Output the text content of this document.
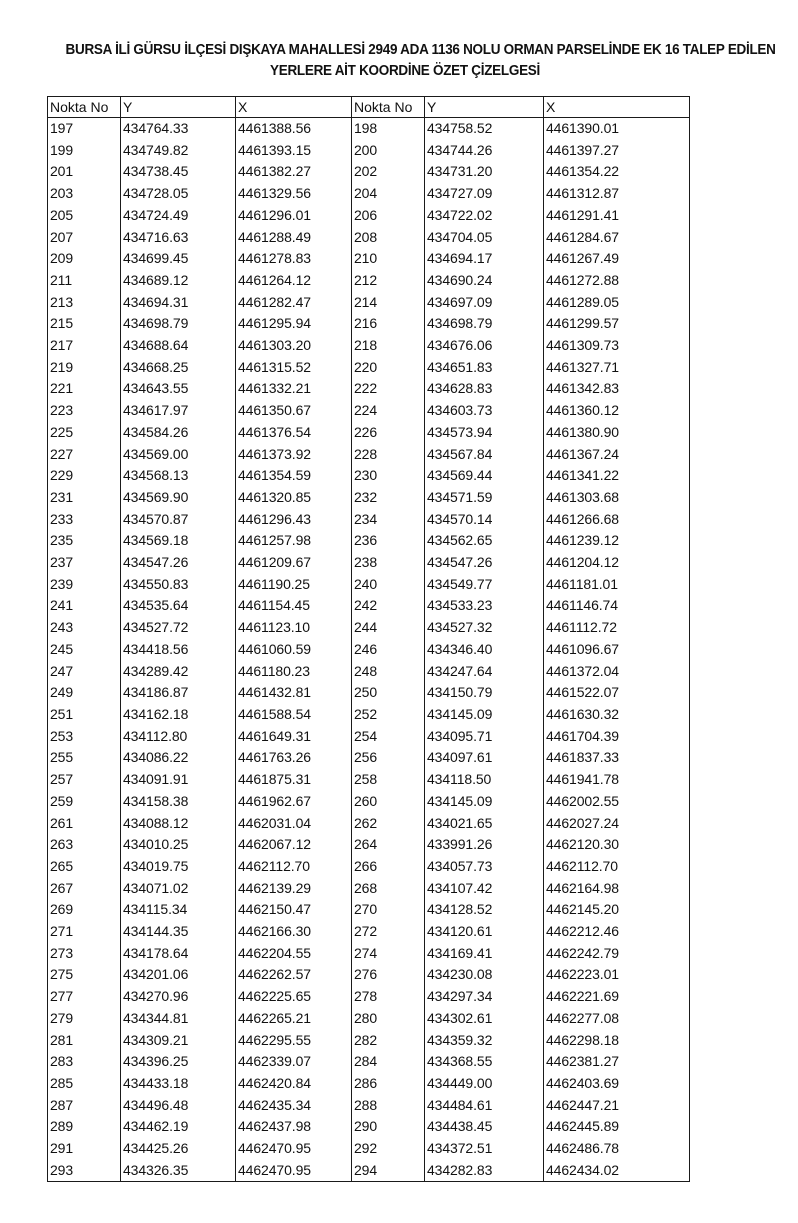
BURSA İLİ GÜRSU İLÇESİ DIŞKAYA MAHALLESİ 2949 ADA 1136 NOLU ORMAN PARSELİNDE EK 16 TALEP EDİLEN
YERLERE AİT KOORDİNE ÖZET ÇİZELGESİ
Nokta No	Y	X	Nokta No	Y	X
197	434764.33	4461388.56	198	434758.52	4461390.01
199	434749.82	4461393.15	200	434744.26	4461397.27
201	434738.45	4461382.27	202	434731.20	4461354.22
203	434728.05	4461329.56	204	434727.09	4461312.87
205	434724.49	4461296.01	206	434722.02	4461291.41
207	434716.63	4461288.49	208	434704.05	4461284.67
209	434699.45	4461278.83	210	434694.17	4461267.49
211	434689.12	4461264.12	212	434690.24	4461272.88
213	434694.31	4461282.47	214	434697.09	4461289.05
215	434698.79	4461295.94	216	434698.79	4461299.57
217	434688.64	4461303.20	218	434676.06	4461309.73
219	434668.25	4461315.52	220	434651.83	4461327.71
221	434643.55	4461332.21	222	434628.83	4461342.83
223	434617.97	4461350.67	224	434603.73	4461360.12
225	434584.26	4461376.54	226	434573.94	4461380.90
227	434569.00	4461373.92	228	434567.84	4461367.24
229	434568.13	4461354.59	230	434569.44	4461341.22
231	434569.90	4461320.85	232	434571.59	4461303.68
233	434570.87	4461296.43	234	434570.14	4461266.68
235	434569.18	4461257.98	236	434562.65	4461239.12
237	434547.26	4461209.67	238	434547.26	4461204.12
239	434550.83	4461190.25	240	434549.77	4461181.01
241	434535.64	4461154.45	242	434533.23	4461146.74
243	434527.72	4461123.10	244	434527.32	4461112.72
245	434418.56	4461060.59	246	434346.40	4461096.67
247	434289.42	4461180.23	248	434247.64	4461372.04
249	434186.87	4461432.81	250	434150.79	4461522.07
251	434162.18	4461588.54	252	434145.09	4461630.32
253	434112.80	4461649.31	254	434095.71	4461704.39
255	434086.22	4461763.26	256	434097.61	4461837.33
257	434091.91	4461875.31	258	434118.50	4461941.78
259	434158.38	4461962.67	260	434145.09	4462002.55
261	434088.12	4462031.04	262	434021.65	4462027.24
263	434010.25	4462067.12	264	433991.26	4462120.30
265	434019.75	4462112.70	266	434057.73	4462112.70
267	434071.02	4462139.29	268	434107.42	4462164.98
269	434115.34	4462150.47	270	434128.52	4462145.20
271	434144.35	4462166.30	272	434120.61	4462212.46
273	434178.64	4462204.55	274	434169.41	4462242.79
275	434201.06	4462262.57	276	434230.08	4462223.01
277	434270.96	4462225.65	278	434297.34	4462221.69
279	434344.81	4462265.21	280	434302.61	4462277.08
281	434309.21	4462295.55	282	434359.32	4462298.18
283	434396.25	4462339.07	284	434368.55	4462381.27
285	434433.18	4462420.84	286	434449.00	4462403.69
287	434496.48	4462435.34	288	434484.61	4462447.21
289	434462.19	4462437.98	290	434438.45	4462445.89
291	434425.26	4462470.95	292	434372.51	4462486.78
293	434326.35	4462470.95	294	434282.83	4462434.02
